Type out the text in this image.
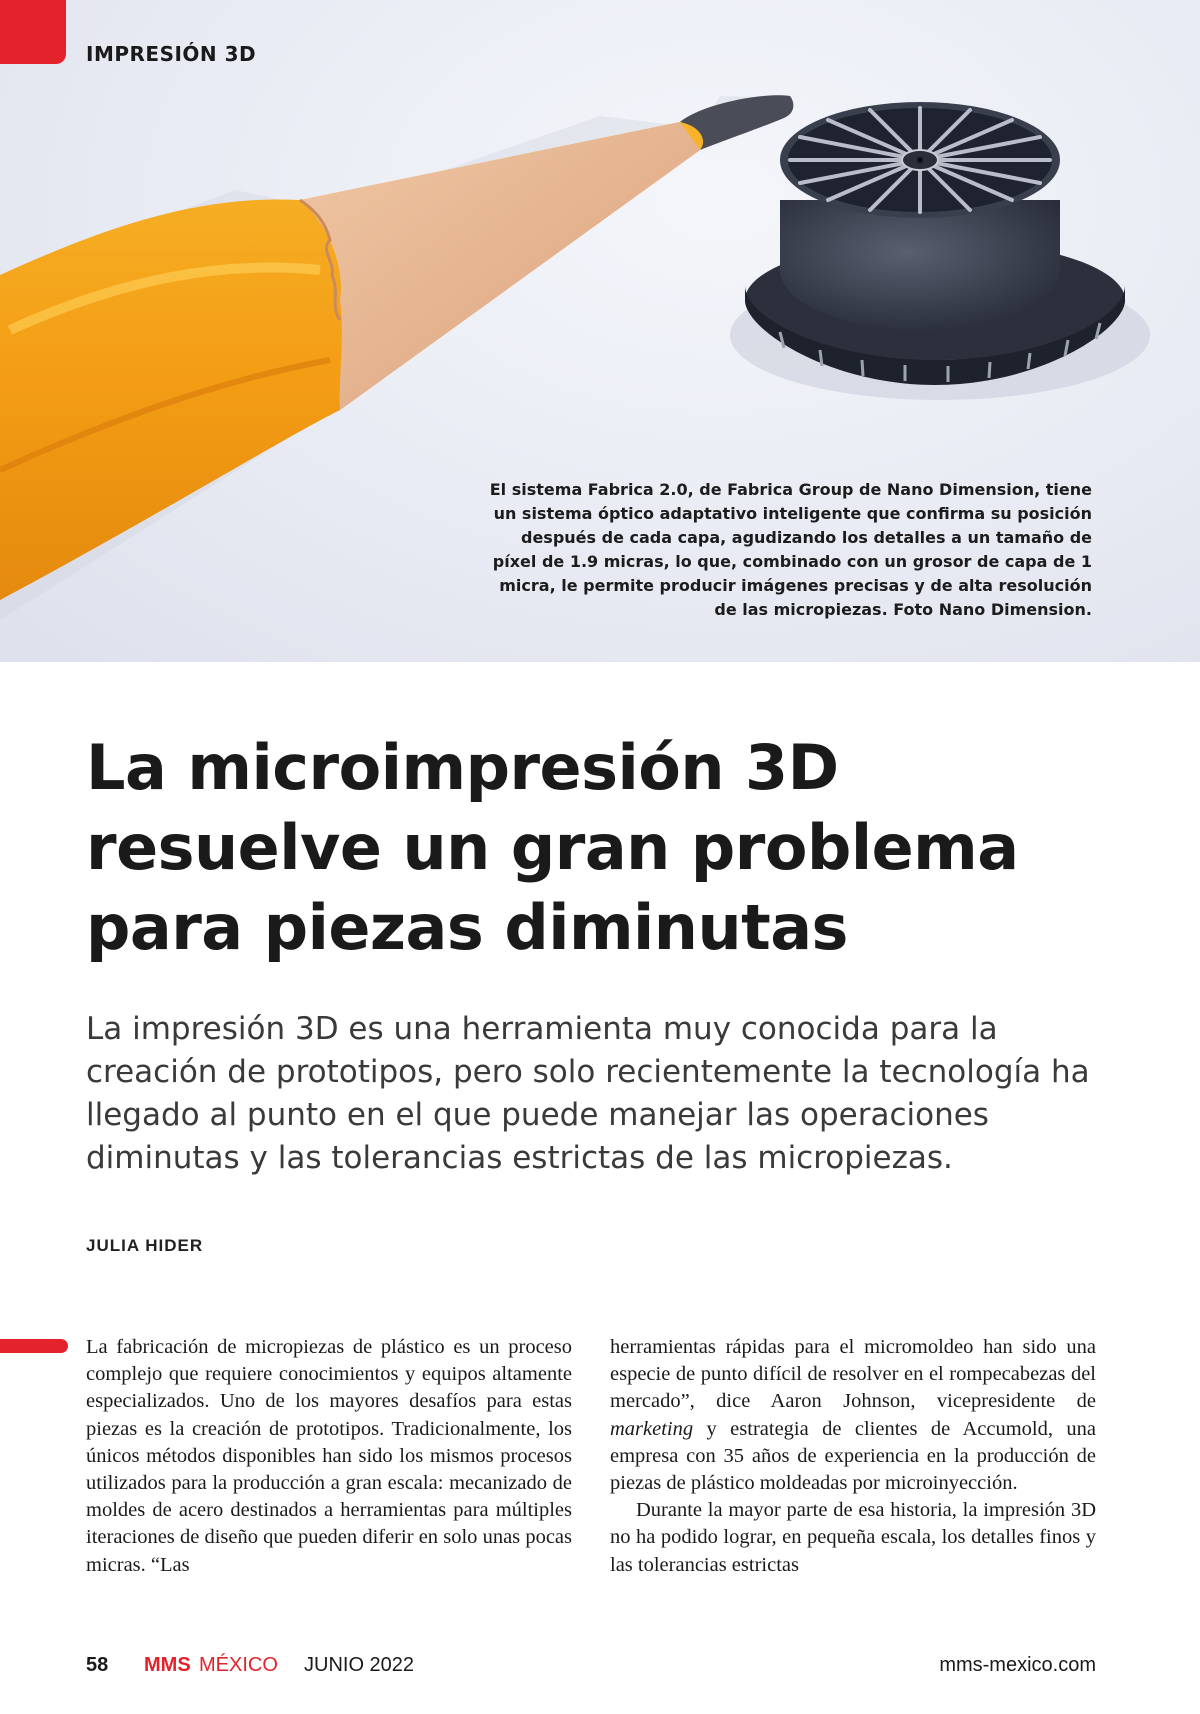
IMPRESIÓN 3D
El sistema Fabrica 2.0, de Fabrica Group de Nano Dimension, tiene un sistema óptico adaptativo inteligente que confirma su posición después de cada capa, agudizando los detalles a un tamaño de píxel de 1.9 micras, lo que, combinado con un grosor de capa de 1 micra, le permite producir imágenes precisas y de alta resolución de las micropiezas. Foto Nano Dimension.
La microimpresión 3D resuelve un gran problema para piezas diminutas

La impresión 3D es una herramienta muy conocida para la creación de prototipos, pero solo recientemente la tecnología ha llegado al punto en el que puede manejar las operaciones diminutas y las tolerancias estrictas de las micropiezas.

JULIA HIDER

La fabricación de micropiezas de plástico es un proceso complejo que requiere conocimientos y equipos altamente especializados. Uno de los mayores desafíos para estas piezas es la creación de prototipos. Tradicionalmente, los únicos métodos disponibles han sido los mismos procesos utilizados para la producción a gran escala: mecanizado de moldes de acero destinados a herramientas para múltiples iteraciones de diseño que pueden diferir en solo unas pocas micras. “Las

herramientas rápidas para el micromoldeo han sido una especie de punto difícil de resolver en el rompecabezas del mercado”, dice Aaron Johnson, vicepresidente de marketing y estrategia de clientes de Accumold, una empresa con 35 años de experiencia en la producción de piezas de plástico moldeadas por microinyección.

Durante la mayor parte de esa historia, la impresión 3D no ha podido lograr, en pequeña escala, los detalles finos y las tolerancias estrictas

58 MMS MÉXICO JUNIO 2022	mms-mexico.com
